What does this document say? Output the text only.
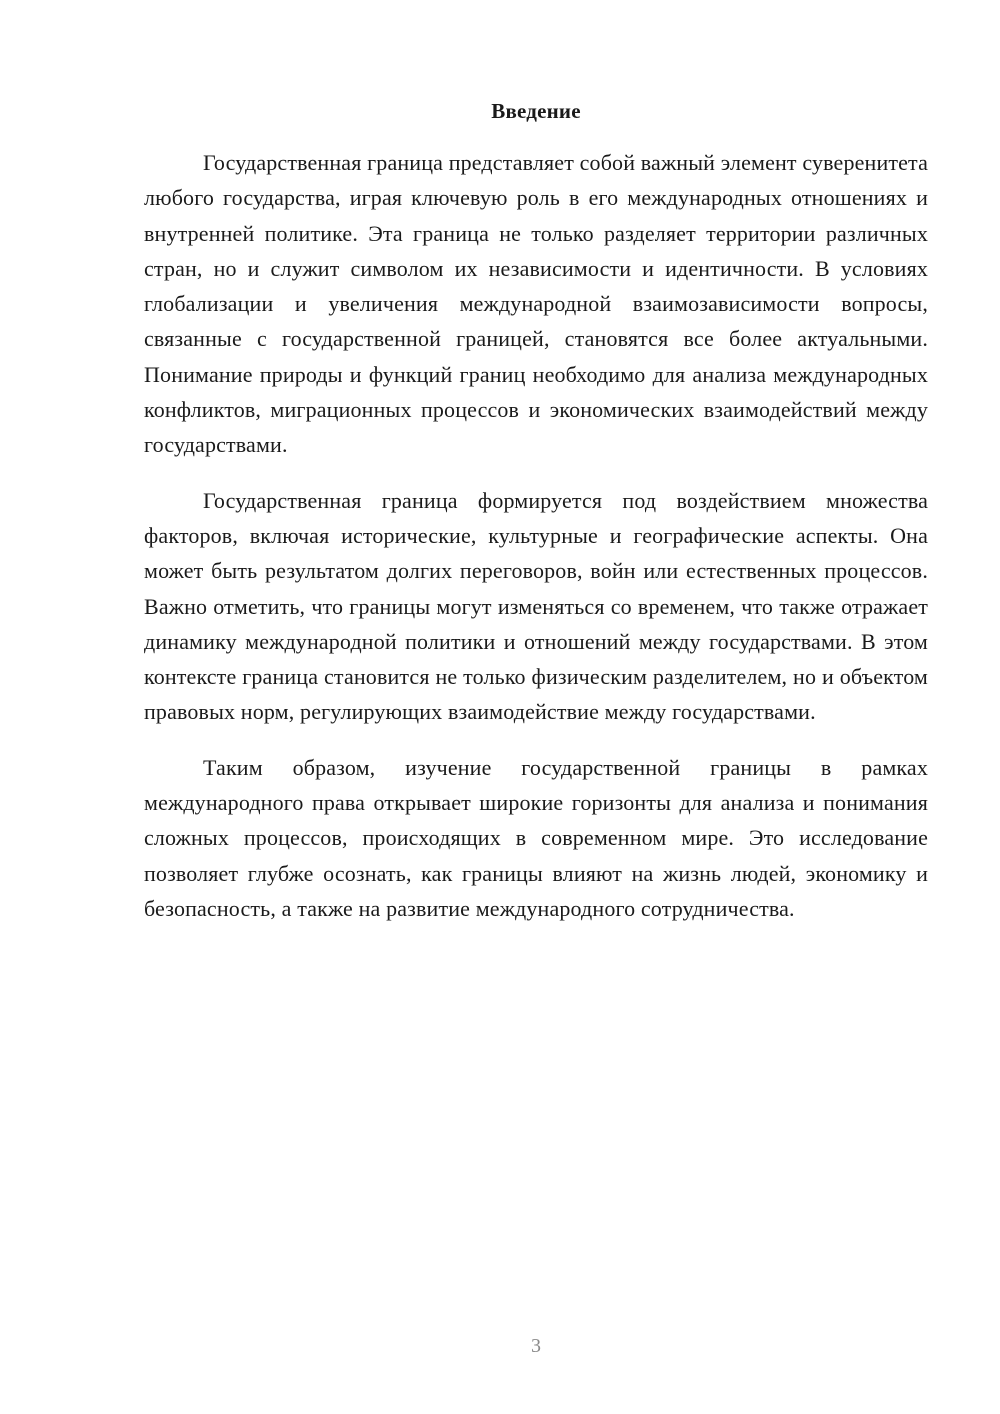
Введение

Государственная граница представляет собой важный элемент суверенитета любого государства, играя ключевую роль в его международных отношениях и внутренней политике. Эта граница не только разделяет территории различных стран, но и служит символом их независимости и идентичности. В условиях глобализации и увеличения международной взаимозависимости вопросы, связанные с государственной границей, становятся все более актуальными. Понимание природы и функций границ необходимо для анализа международных конфликтов, миграционных процессов и экономических взаимодействий между государствами.

Государственная граница формируется под воздействием множества факторов, включая исторические, культурные и географические аспекты. Она может быть результатом долгих переговоров, войн или естественных процессов. Важно отметить, что границы могут изменяться со временем, что также отражает динамику международной политики и отношений между государствами. В этом контексте граница становится не только физическим разделителем, но и объектом правовых норм, регулирующих взаимодействие между государствами.

Таким образом, изучение государственной границы в рамках международного права открывает широкие горизонты для анализа и понимания сложных процессов, происходящих в современном мире. Это исследование позволяет глубже осознать, как границы влияют на жизнь людей, экономику и безопасность, а также на развитие международного сотрудничества.

3
